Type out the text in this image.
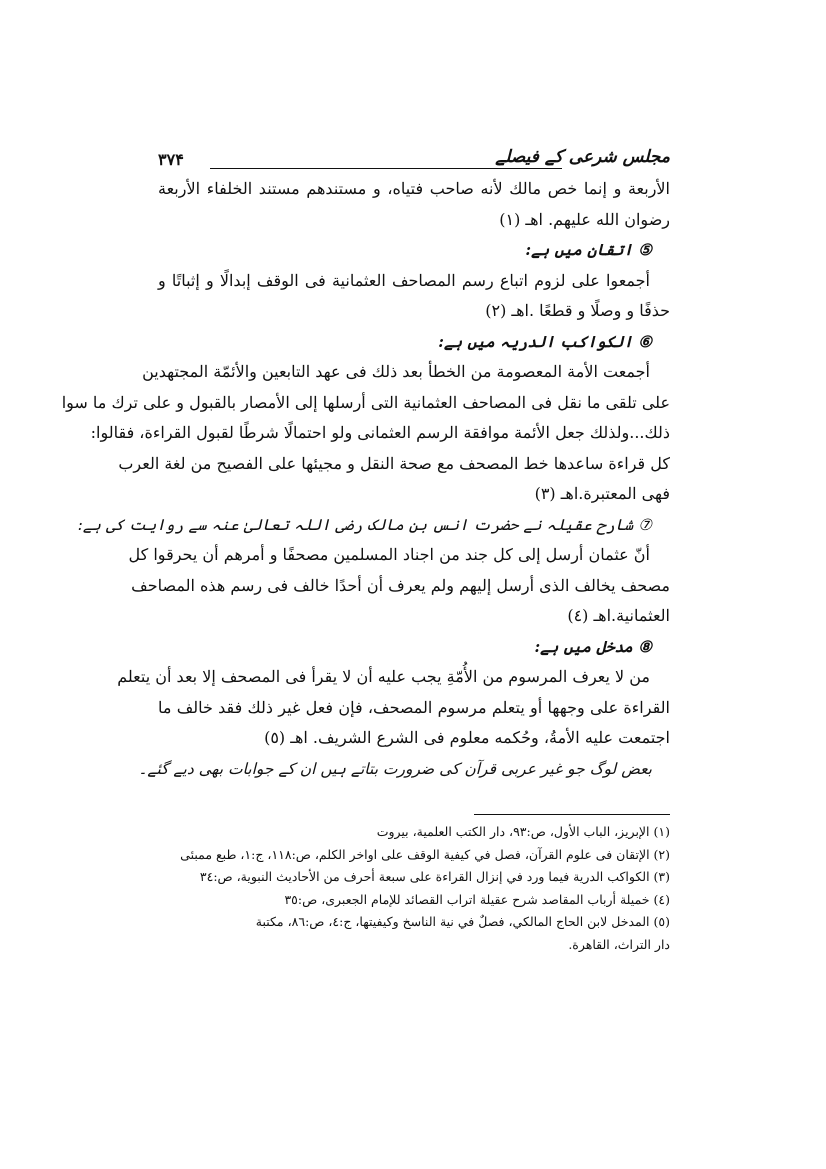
مجلس شرعی کے فیصلے
۳۷۴
الأربعة و إنما خص مالك لأنه صاحب فتياه، و مستندهم مستند الخلفاء الأربعة
رضوان الله عليهم. اهـ (١)
⑤ اتقان میں ہے:
أجمعوا على لزوم اتباع رسم المصاحف العثمانية فى الوقف إبدالًا و إثباتًا و
حذفًا و وصلًا و قطعًا .اهـ (٢)
⑥ الکواکب الدریہ میں ہے:
أجمعت الأمة المعصومة من الخطأ بعد ذلك فى عهد التابعين والأئمّة المجتهدين
على تلقى ما نقل فى المصاحف العثمانية التى أرسلها إلى الأمصار بالقبول و على ترك ما سوا
ذلك...ولذلك جعل الأئمة موافقة الرسم العثمانى ولو احتمالًا شرطًا لقبول القراءة، فقالوا:
كل قراءة ساعدها خط المصحف مع صحة النقل و مجيئها على الفصيح من لغة العرب
فهى المعتبرة.اهـ (٣)
⑦ شارح عقیلہ نے حضرت انس بن مالک رضی اللہ تعالیٰ عنہ سے روایت کی ہے:
أنّ عثمان أرسل إلى كل جند من اجناد المسلمين مصحفًا و أمرهم أن يحرقوا كل
مصحف يخالف الذى أرسل إليهم ولم يعرف أن أحدًا خالف فى رسم هذه المصاحف
العثمانية.اهـ (٤)
⑧ مدخل میں ہے:
من لا يعرف المرسوم من الأُمّةِ يجب عليه أن لا يقرأ فى المصحف إلا بعد أن يتعلم
القراءة على وجهها أو يتعلم مرسوم المصحف، فإن فعل غير ذلك فقد خالف ما
اجتمعت عليه الأمةُ، وحُكمه معلوم فى الشرع الشريف. اهـ (٥)
بعض لوگ جو غیر عربی قرآن کی ضرورت بتاتے ہیں ان کے جوابات بھی دیے گئے۔
(١) الإبريز، الباب الأول، ص:٩٣، دار الكتب العلمية، بيروت
(٢) الإتقان فى علوم القرآن، فصل في كيفية الوقف على اواخر الكلم، ص:١١٨، ج:١، طبع ممبئى
(٣) الكواكب الدرية فيما ورد في إنزال القراءة على سبعة أحرف من الأحاديث النبوية، ص:٣٤
(٤) خميلة أرباب المقاصد شرح عقيلة اتراب القصائد للإمام الجعبرى، ص:٣٥
(٥) المدخل لابن الحاج المالكي، فصلٌ في نية الناسخ وكيفيتها، ج:٤، ص:٨٦، مكتبة
دار التراث، القاهرة.
